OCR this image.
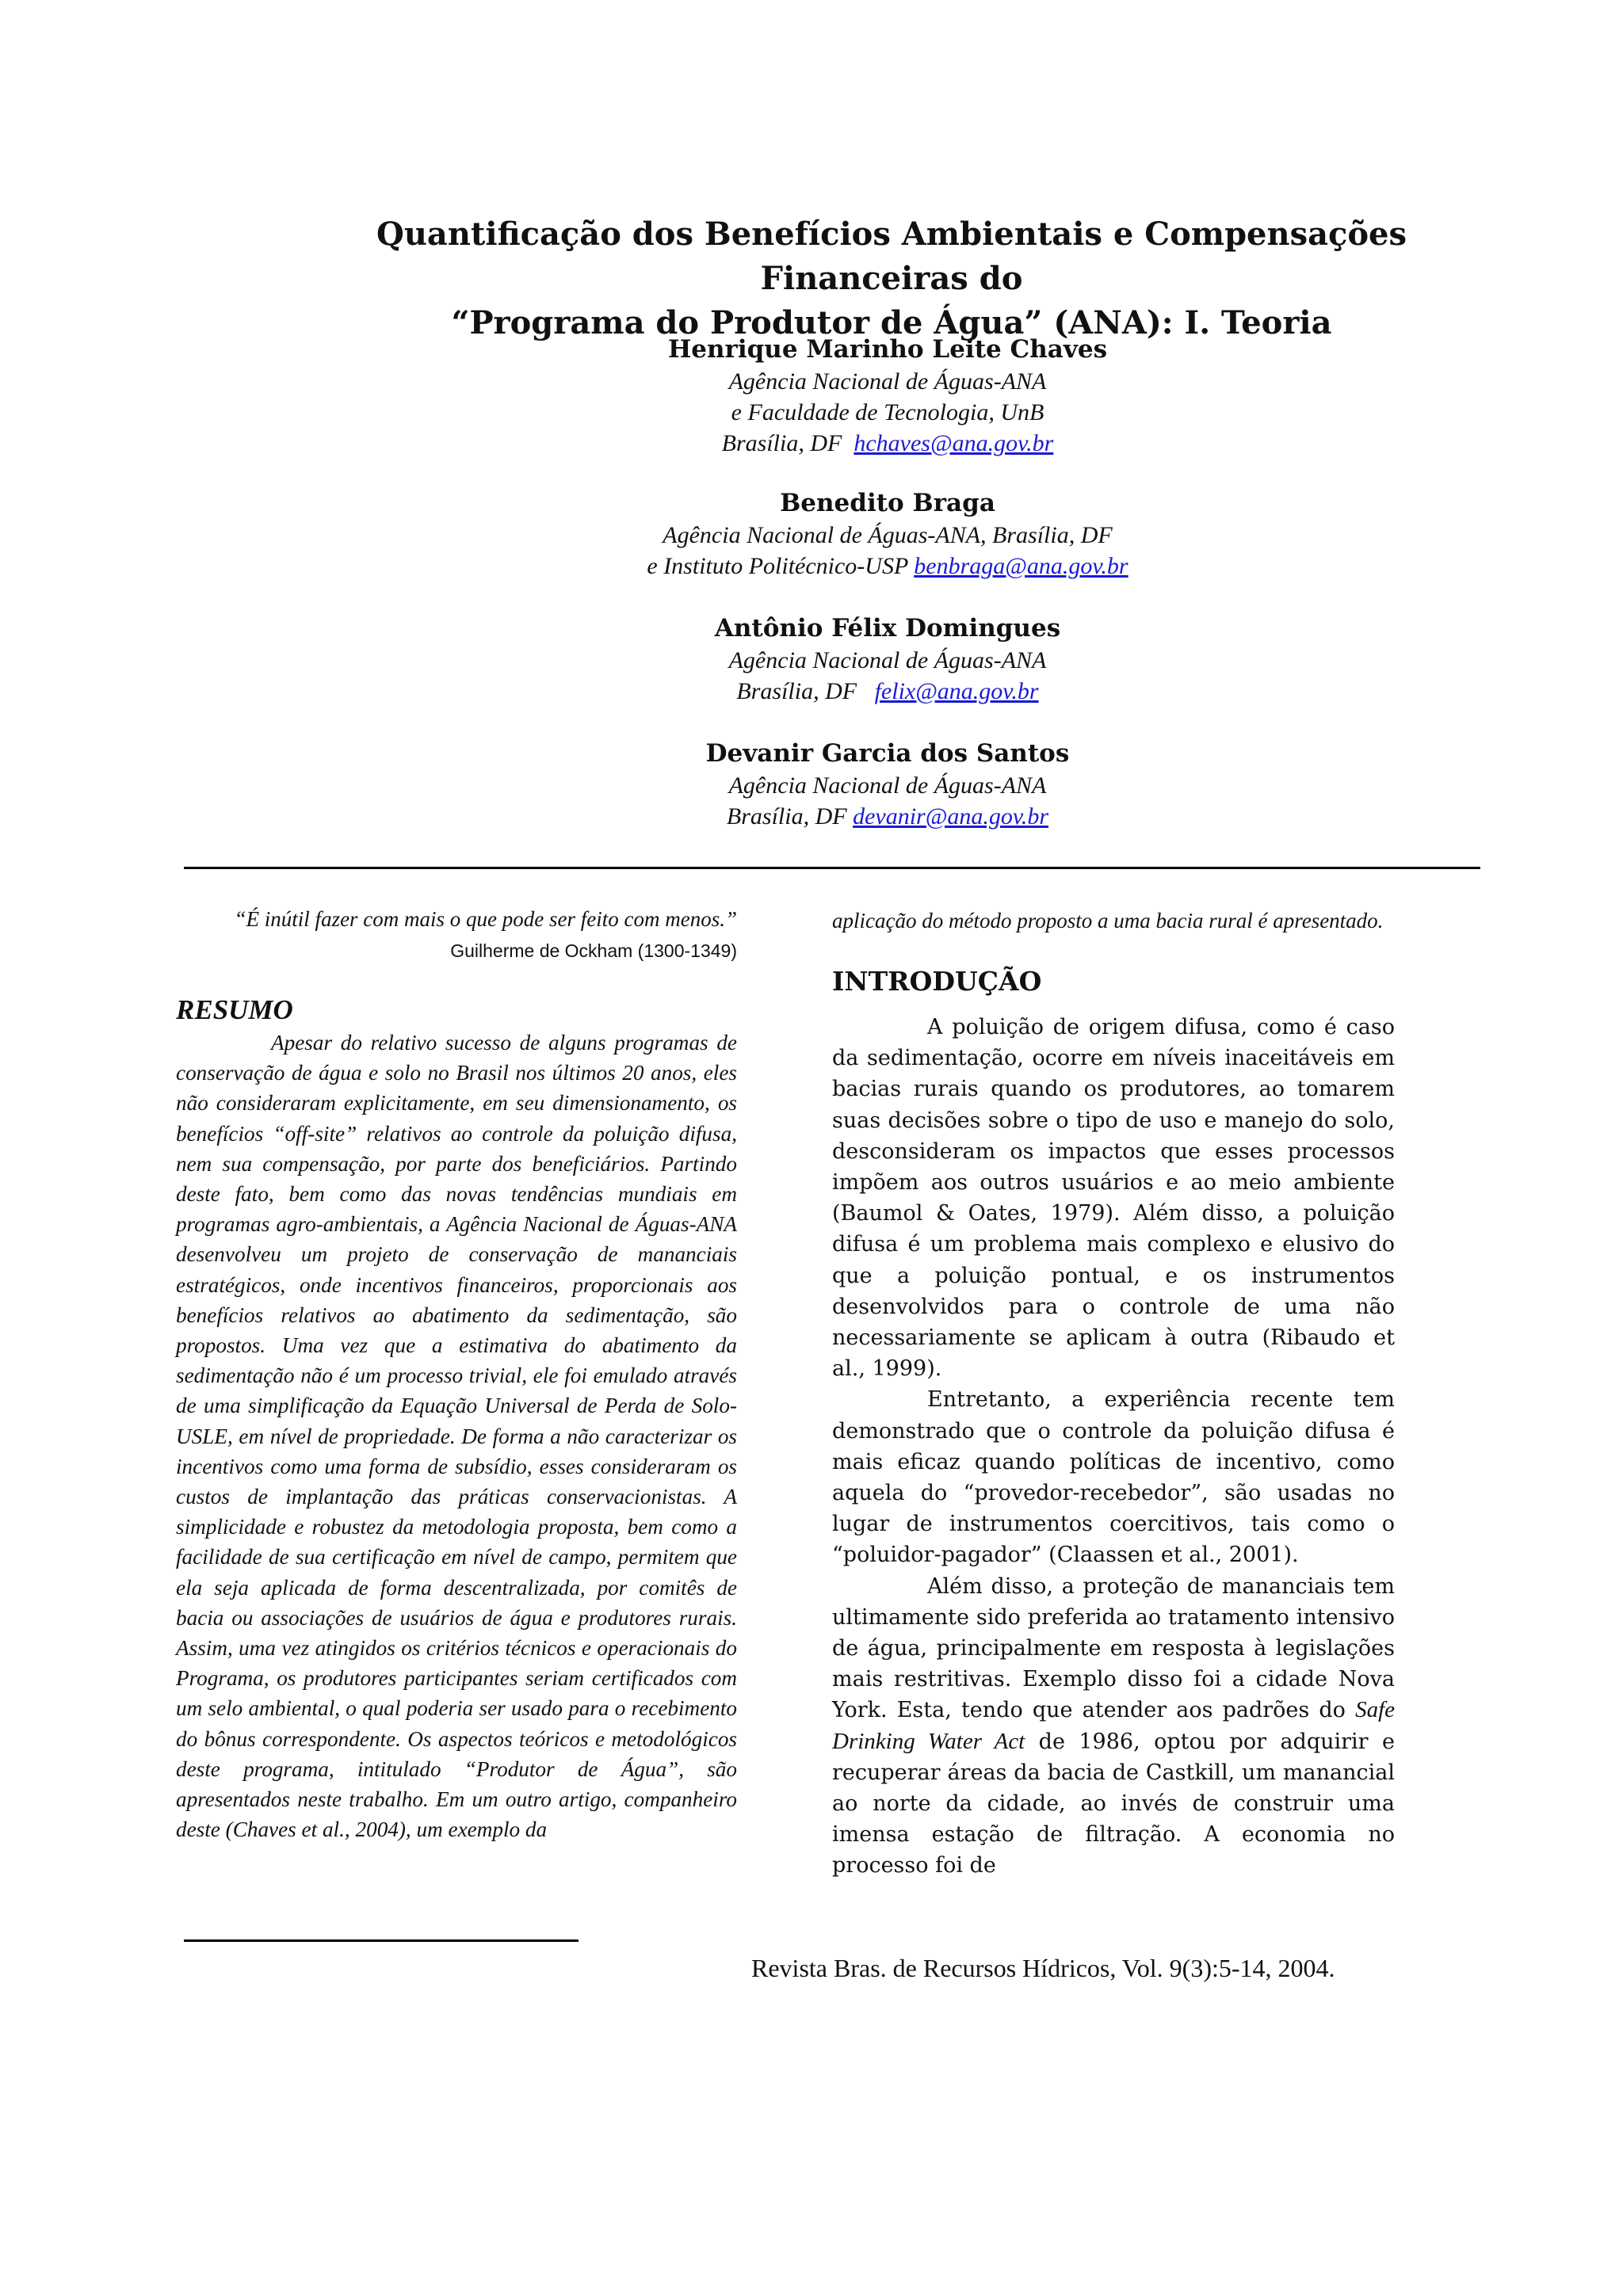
Quantificação dos Benefícios Ambientais e Compensações Financeiras do
“Programa do Produtor de Água” (ANA): I. Teoria
Henrique Marinho Leite Chaves
Agência Nacional de Águas-ANA
e Faculdade de Tecnologia, UnB
Brasília, DF  hchaves@ana.gov.br
Benedito Braga
Agência Nacional de Águas-ANA, Brasília, DF
e Instituto Politécnico-USP benbraga@ana.gov.br
Antônio Félix Domingues
Agência Nacional de Águas-ANA
Brasília, DF   felix@ana.gov.br
Devanir Garcia dos Santos
Agência Nacional de Águas-ANA
Brasília, DF devanir@ana.gov.br
“É inútil fazer com mais o que pode ser feito com menos.”
Guilherme de Ockham (1300-1349)
RESUMO

Apesar do relativo sucesso de alguns programas de conservação de água e solo no Brasil nos últimos 20 anos, eles não consideraram explicitamente, em seu dimensionamento, os benefícios “off-site” relativos ao controle da poluição difusa, nem sua compensação, por parte dos beneficiários. Partindo deste fato, bem como das novas tendências mundiais em programas agro-ambientais, a Agência Nacional de Águas-ANA desenvolveu um projeto de conservação de mananciais estratégicos, onde incentivos financeiros, proporcionais aos benefícios relativos ao abatimento da sedimentação, são propostos. Uma vez que a estimativa do abatimento da sedimentação não é um processo trivial, ele foi emulado através de uma simplificação da Equação Universal de Perda de Solo-USLE, em nível de propriedade. De forma a não caracterizar os incentivos como uma forma de subsídio, esses consideraram os custos de implantação das práticas conservacionistas. A simplicidade e robustez da metodologia proposta, bem como a facilidade de sua certificação em nível de campo, permitem que ela seja aplicada de forma descentralizada, por comitês de bacia ou associações de usuários de água e produtores rurais. Assim, uma vez atingidos os critérios técnicos e operacionais do Programa, os produtores participantes seriam certificados com um selo ambiental, o qual poderia ser usado para o recebimento do bônus correspondente. Os aspectos teóricos e metodológicos deste programa, intitulado “Produtor de Água”, são apresentados neste trabalho. Em um outro artigo, companheiro deste (Chaves et al., 2004), um exemplo da

aplicação do método proposto a uma bacia rural é apresentado.

INTRODUÇÃO

A poluição de origem difusa, como é caso da sedimentação, ocorre em níveis inaceitáveis em bacias rurais quando os produtores, ao tomarem suas decisões sobre o tipo de uso e manejo do solo, desconsideram os impactos que esses processos impõem aos outros usuários e ao meio ambiente (Baumol & Oates, 1979). Além disso, a poluição difusa é um problema mais complexo e elusivo do que a poluição pontual, e os instrumentos desenvolvidos para o controle de uma não necessariamente se aplicam à outra (Ribaudo et al., 1999).

Entretanto, a experiência recente tem demonstrado que o controle da poluição difusa é mais eficaz quando políticas de incentivo, como aquela do “provedor-recebedor”, são usadas no lugar de instrumentos coercitivos, tais como o “poluidor-pagador” (Claassen et al., 2001).

Além disso, a proteção de mananciais tem ultimamente sido preferida ao tratamento intensivo de água, principalmente em resposta à legislações mais restritivas. Exemplo disso foi a cidade Nova York. Esta, tendo que atender aos padrões do Safe Drinking Water Act de 1986, optou por adquirir e recuperar áreas da bacia de Castkill, um manancial ao norte da cidade, ao invés de construir uma imensa estação de filtração. A economia no processo foi de

Revista Bras. de Recursos Hídricos, Vol. 9(3):5-14, 2004.
